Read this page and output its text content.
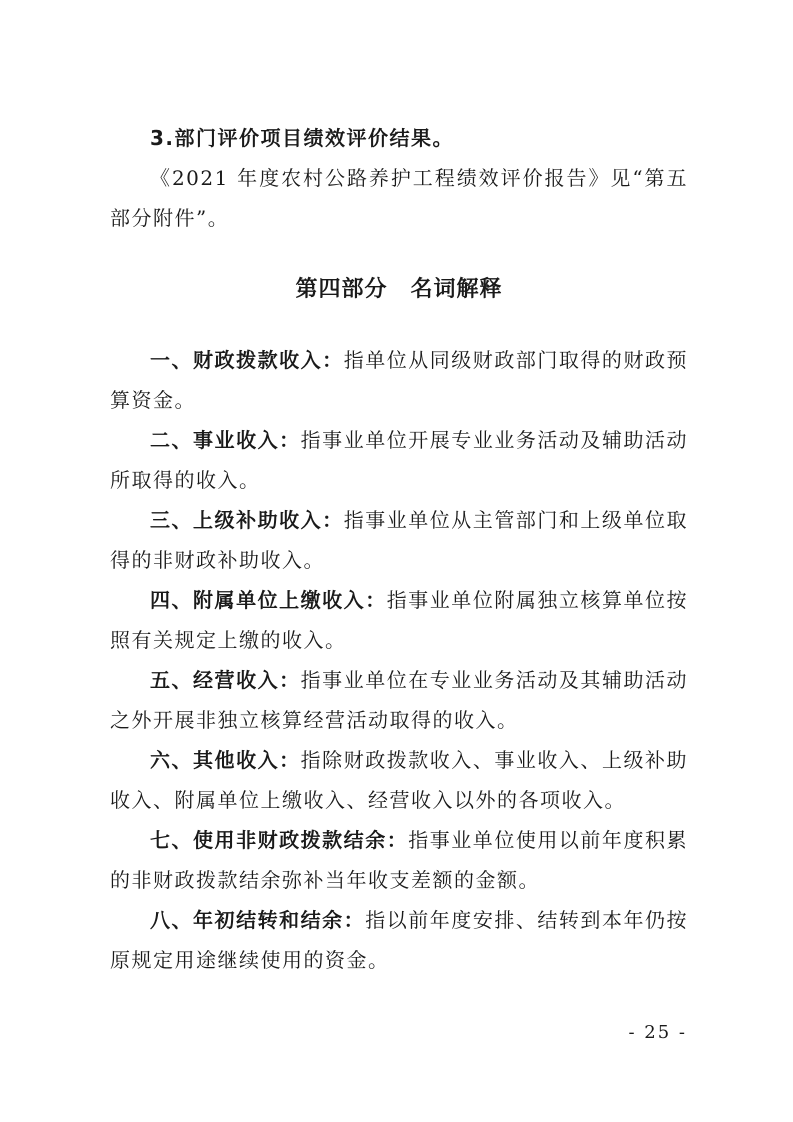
3.部门评价项目绩效评价结果。

《2021 年度农村公路养护工程绩效评价报告》见“第五部分附件”。

第四部分　名词解释

一、财政拨款收入：指单位从同级财政部门取得的财政预算资金。

二、事业收入：指事业单位开展专业业务活动及辅助活动所取得的收入。

三、上级补助收入：指事业单位从主管部门和上级单位取得的非财政补助收入。

四、附属单位上缴收入：指事业单位附属独立核算单位按照有关规定上缴的收入。

五、经营收入：指事业单位在专业业务活动及其辅助活动之外开展非独立核算经营活动取得的收入。

六、其他收入：指除财政拨款收入、事业收入、上级补助收入、附属单位上缴收入、经营收入以外的各项收入。

七、使用非财政拨款结余：指事业单位使用以前年度积累的非财政拨款结余弥补当年收支差额的金额。

八、年初结转和结余：指以前年度安排、结转到本年仍按原规定用途继续使用的资金。

- 25 -
